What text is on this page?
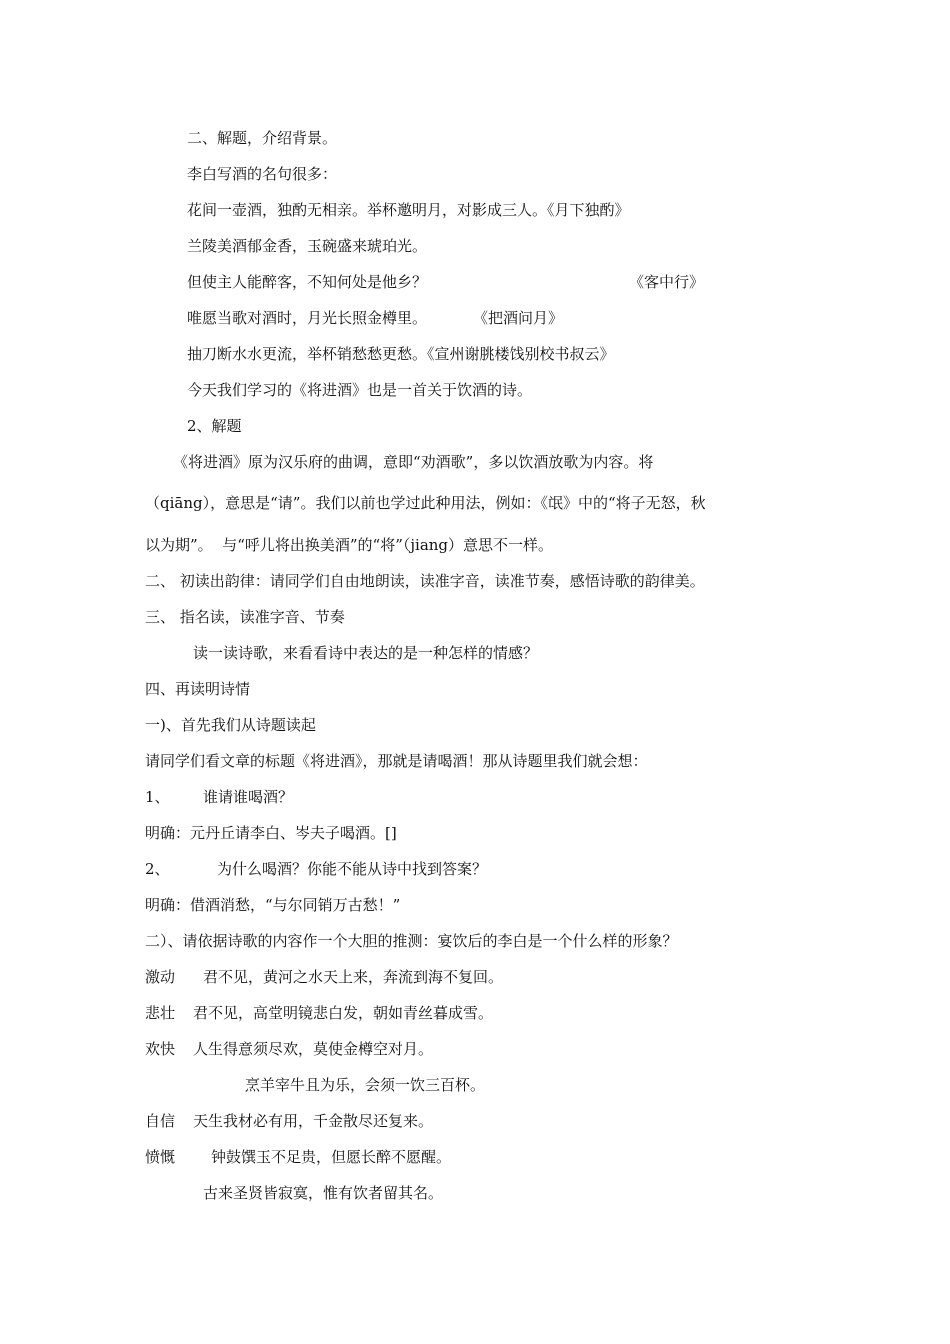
二、解题，介绍背景。
李白写酒的名句很多：
花间一壶酒，独酌无相亲。举杯邀明月，对影成三人。《月下独酌》
兰陵美酒郁金香，玉碗盛来琥珀光。
但使主人能醉客，不知何处是他乡？	《客中行》
唯愿当歌对酒时，月光长照金樽里。	《把酒问月》
抽刀断水水更流，举杯销愁愁更愁。《宣州谢朓楼饯别校书叔云》
今天我们学习的《将进酒》也是一首关于饮酒的诗。
2、解题
《将进酒》原为汉乐府的曲调，意即“劝酒歌”，多以饮酒放歌为内容。将
（qiāng），意思是“请”。我们以前也学过此种用法，例如：《氓》中的“将子无怒，秋
以为期”。  与“呼儿将出换美酒”的“将”（jiang）意思不一样。
二、 初读出韵律：请同学们自由地朗读，读准字音，读准节奏，感悟诗歌的韵律美。
三、 指名读，读准字音、节奏
读一读诗歌，来看看诗中表达的是一种怎样的情感？
四、再读明诗情
一)、首先我们从诗题读起
请同学们看文章的标题《将进酒》，那就是请喝酒！那从诗题里我们就会想：
1、 谁请谁喝酒？
明确：元丹丘请李白、岑夫子喝酒。[]
2、	为什么喝酒？你能不能从诗中找到答案？
明确：借酒消愁，“与尔同销万古愁！”
二）、请依据诗歌的内容作一个大胆的推测：宴饮后的李白是一个什么样的形象？
激动 君不见，黄河之水天上来，奔流到海不复回。
悲壮 君不见，高堂明镜悲白发，朝如青丝暮成雪。
欢快 人生得意须尽欢，莫使金樽空对月。
烹羊宰牛且为乐，会须一饮三百杯。
自信 天生我材必有用，千金散尽还复来。
愤慨 钟鼓馔玉不足贵，但愿长醉不愿醒。
古来圣贤皆寂寞，惟有饮者留其名。
